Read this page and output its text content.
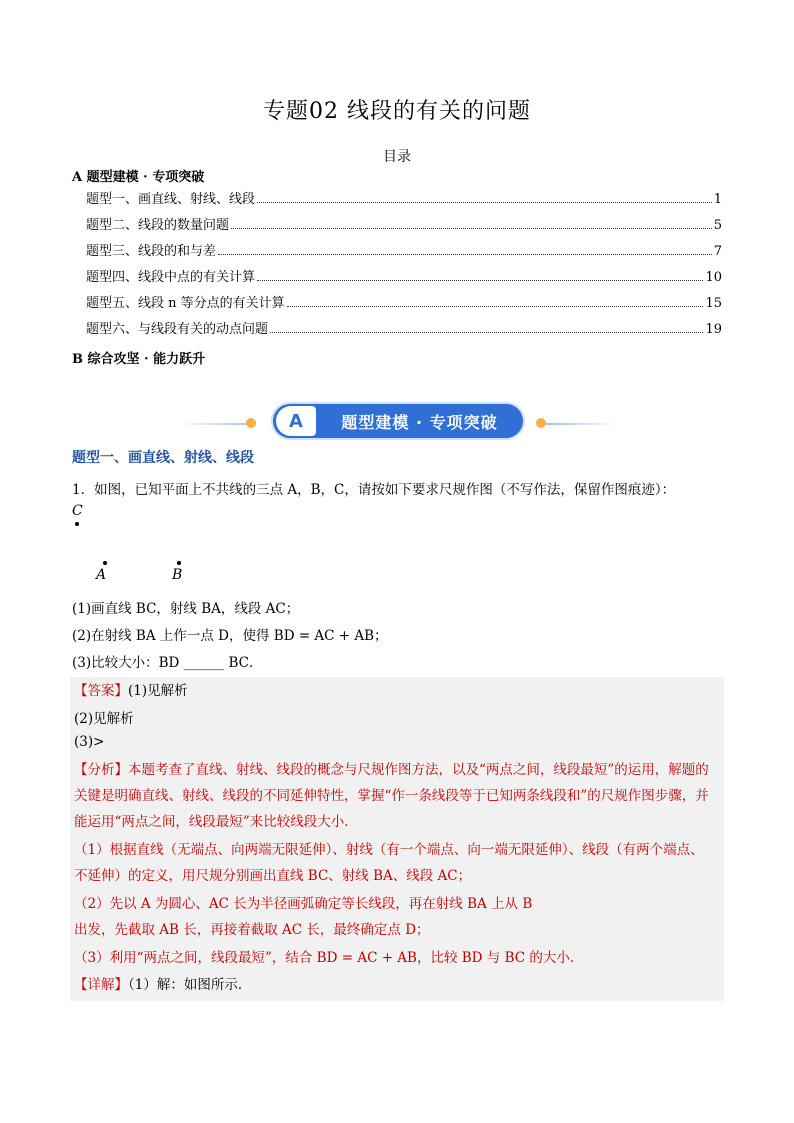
专题02 线段的有关的问题
目录
A 题型建模 · 专项突破
题型一、画直线、射线、线段	1
题型二、线段的数量问题	5
题型三、线段的和与差	7
题型四、线段中点的有关计算	10
题型五、线段 n 等分点的有关计算	15
题型六、与线段有关的动点问题	19
B 综合攻坚 · 能力跃升
A	题型建模 · 专项突破
题型一、画直线、射线、线段
1．如图，已知平面上不共线的三点 A，B，C，请按如下要求尺规作图（不写作法，保留作图痕迹）：
C
A	B
(1)画直线 BC，射线 BA，线段 AC；
(2)在射线 BA 上作一点 D，使得 BD = AC + AB；
(3)比较大小：BD ______ BC．
【答案】(1)见解析
(2)见解析
(3)>
【分析】本题考查了直线、射线、线段的概念与尺规作图方法，以及“两点之间，线段最短”的运用，解题的
关键是明确直线、射线、线段的不同延伸特性，掌握“作一条线段等于已知两条线段和”的尺规作图步骤，并
能运用“两点之间，线段最短”来比较线段大小．
（1）根据直线（无端点、向两端无限延伸）、射线（有一个端点、向一端无限延伸）、线段（有两个端点、
不延伸）的定义，用尺规分别画出直线 BC、射线 BA、线段 AC；
（2）先以 A 为圆心、AC 长为半径画弧确定等长线段，再在射线 BA 上从 B
出发，先截取 AB 长，再接着截取 AC 长，最终确定点 D；
（3）利用“两点之间，线段最短”，结合 BD = AC + AB，比较 BD 与 BC 的大小．
【详解】（1）解：如图所示．
